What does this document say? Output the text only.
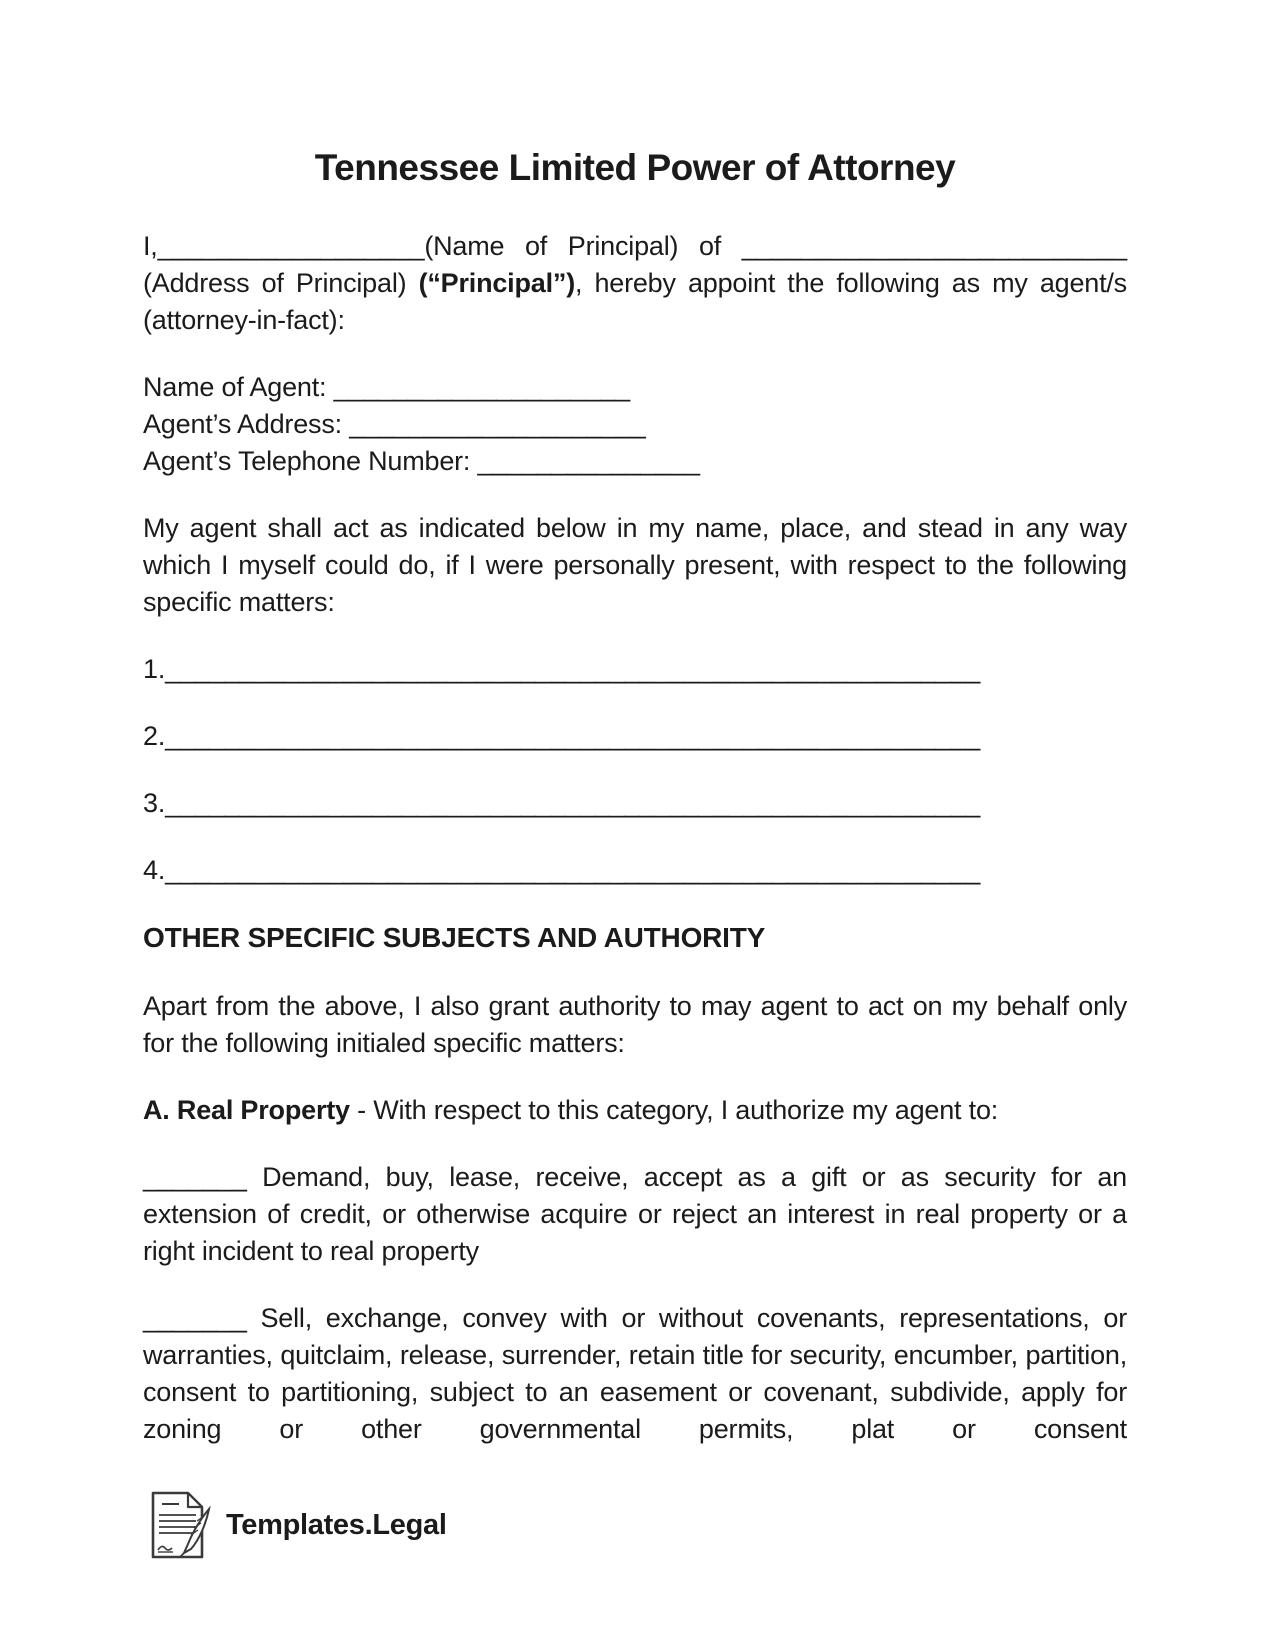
Tennessee Limited Power of Attorney

I,__________________(Name of Principal) of __________________________ (Address of Principal) (“Principal”), hereby appoint the following as my agent/s (attorney-in-fact):

Name of Agent: ____________________
Agent’s Address: ____________________
Agent’s Telephone Number: _______________

My agent shall act as indicated below in my name, place, and stead in any way which I myself could do, if I were personally present, with respect to the following specific matters:

1._______________________________________________________
2._______________________________________________________
3._______________________________________________________
4._______________________________________________________
OTHER SPECIFIC SUBJECTS AND AUTHORITY

Apart from the above, I also grant authority to may agent to act on my behalf only for the following initialed specific matters:

A. Real Property - With respect to this category, I authorize my agent to:

_______ Demand, buy, lease, receive, accept as a gift or as security for an extension of credit, or otherwise acquire or reject an interest in real property or a right incident to real property

_______ Sell, exchange, convey with or without covenants, representations, or warranties, quitclaim, release, surrender, retain title for security, encumber, partition, consent to partitioning, subject to an easement or covenant, subdivide, apply for zoning or other governmental permits, plat or consent

Templates.Legal
